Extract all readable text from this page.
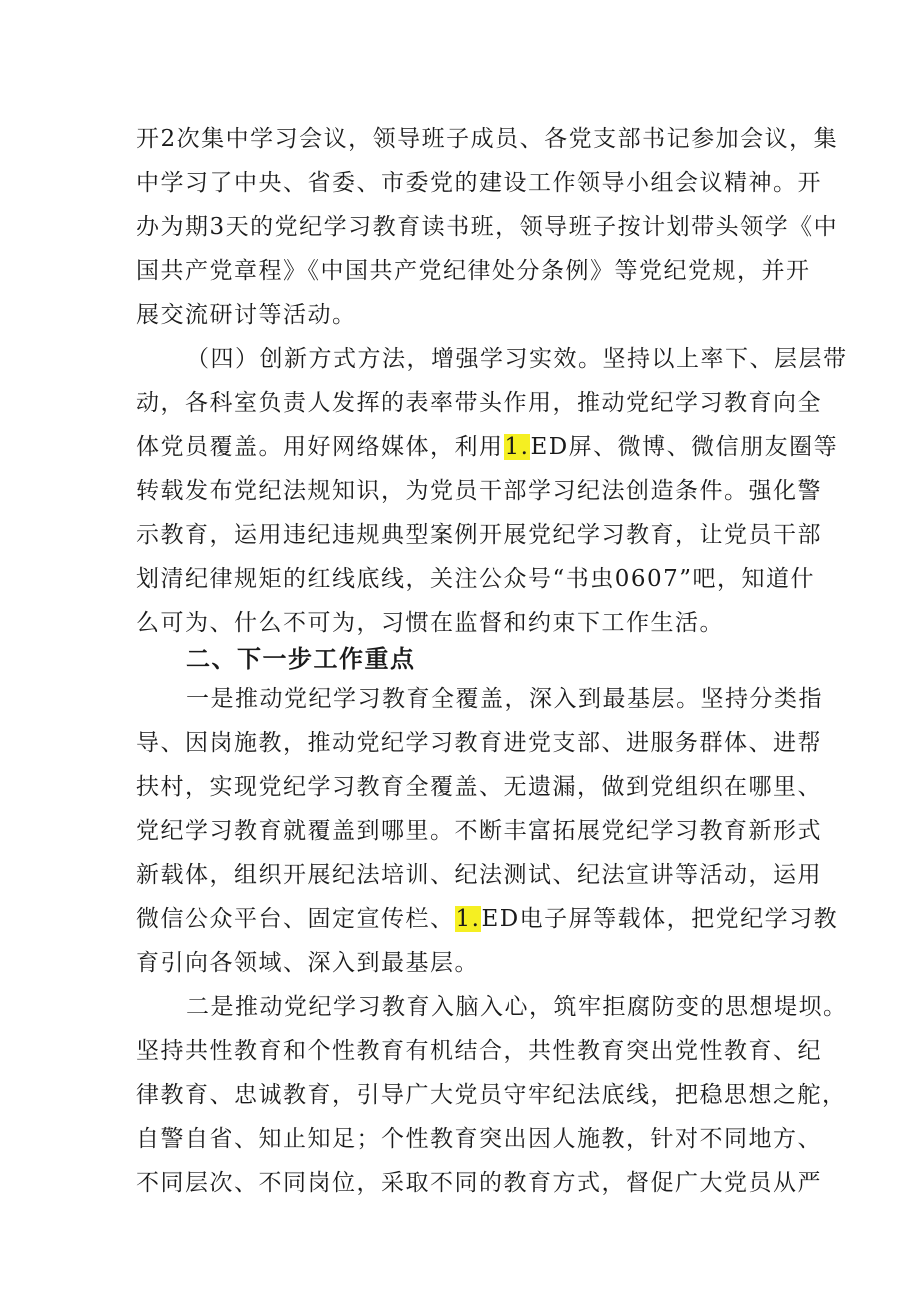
开2次集中学习会议，领导班子成员、各党支部书记参加会议，集
中学习了中央、省委、市委党的建设工作领导小组会议精神。开
办为期3天的党纪学习教育读书班，领导班子按计划带头领学《中
国共产党章程》《中国共产党纪律处分条例》等党纪党规，并开
展交流研讨等活动。
（四）创新方式方法，增强学习实效。坚持以上率下、层层带
动，各科室负责人发挥的表率带头作用，推动党纪学习教育向全
体党员覆盖。用好网络媒体，利用1.ED屏、微博、微信朋友圈等
转载发布党纪法规知识，为党员干部学习纪法创造条件。强化警
示教育，运用违纪违规典型案例开展党纪学习教育，让党员干部
划清纪律规矩的红线底线，关注公众号“书虫0607”吧，知道什
么可为、什么不可为，习惯在监督和约束下工作生活。
二、下一步工作重点
一是推动党纪学习教育全覆盖，深入到最基层。坚持分类指
导、因岗施教，推动党纪学习教育进党支部、进服务群体、进帮
扶村，实现党纪学习教育全覆盖、无遗漏，做到党组织在哪里、
党纪学习教育就覆盖到哪里。不断丰富拓展党纪学习教育新形式
新载体，组织开展纪法培训、纪法测试、纪法宣讲等活动，运用
微信公众平台、固定宣传栏、1.ED电子屏等载体，把党纪学习教
育引向各领域、深入到最基层。
二是推动党纪学习教育入脑入心，筑牢拒腐防变的思想堤坝。
坚持共性教育和个性教育有机结合，共性教育突出党性教育、纪
律教育、忠诚教育，引导广大党员守牢纪法底线，把稳思想之舵，
自警自省、知止知足；个性教育突出因人施教，针对不同地方、
不同层次、不同岗位，采取不同的教育方式，督促广大党员从严
